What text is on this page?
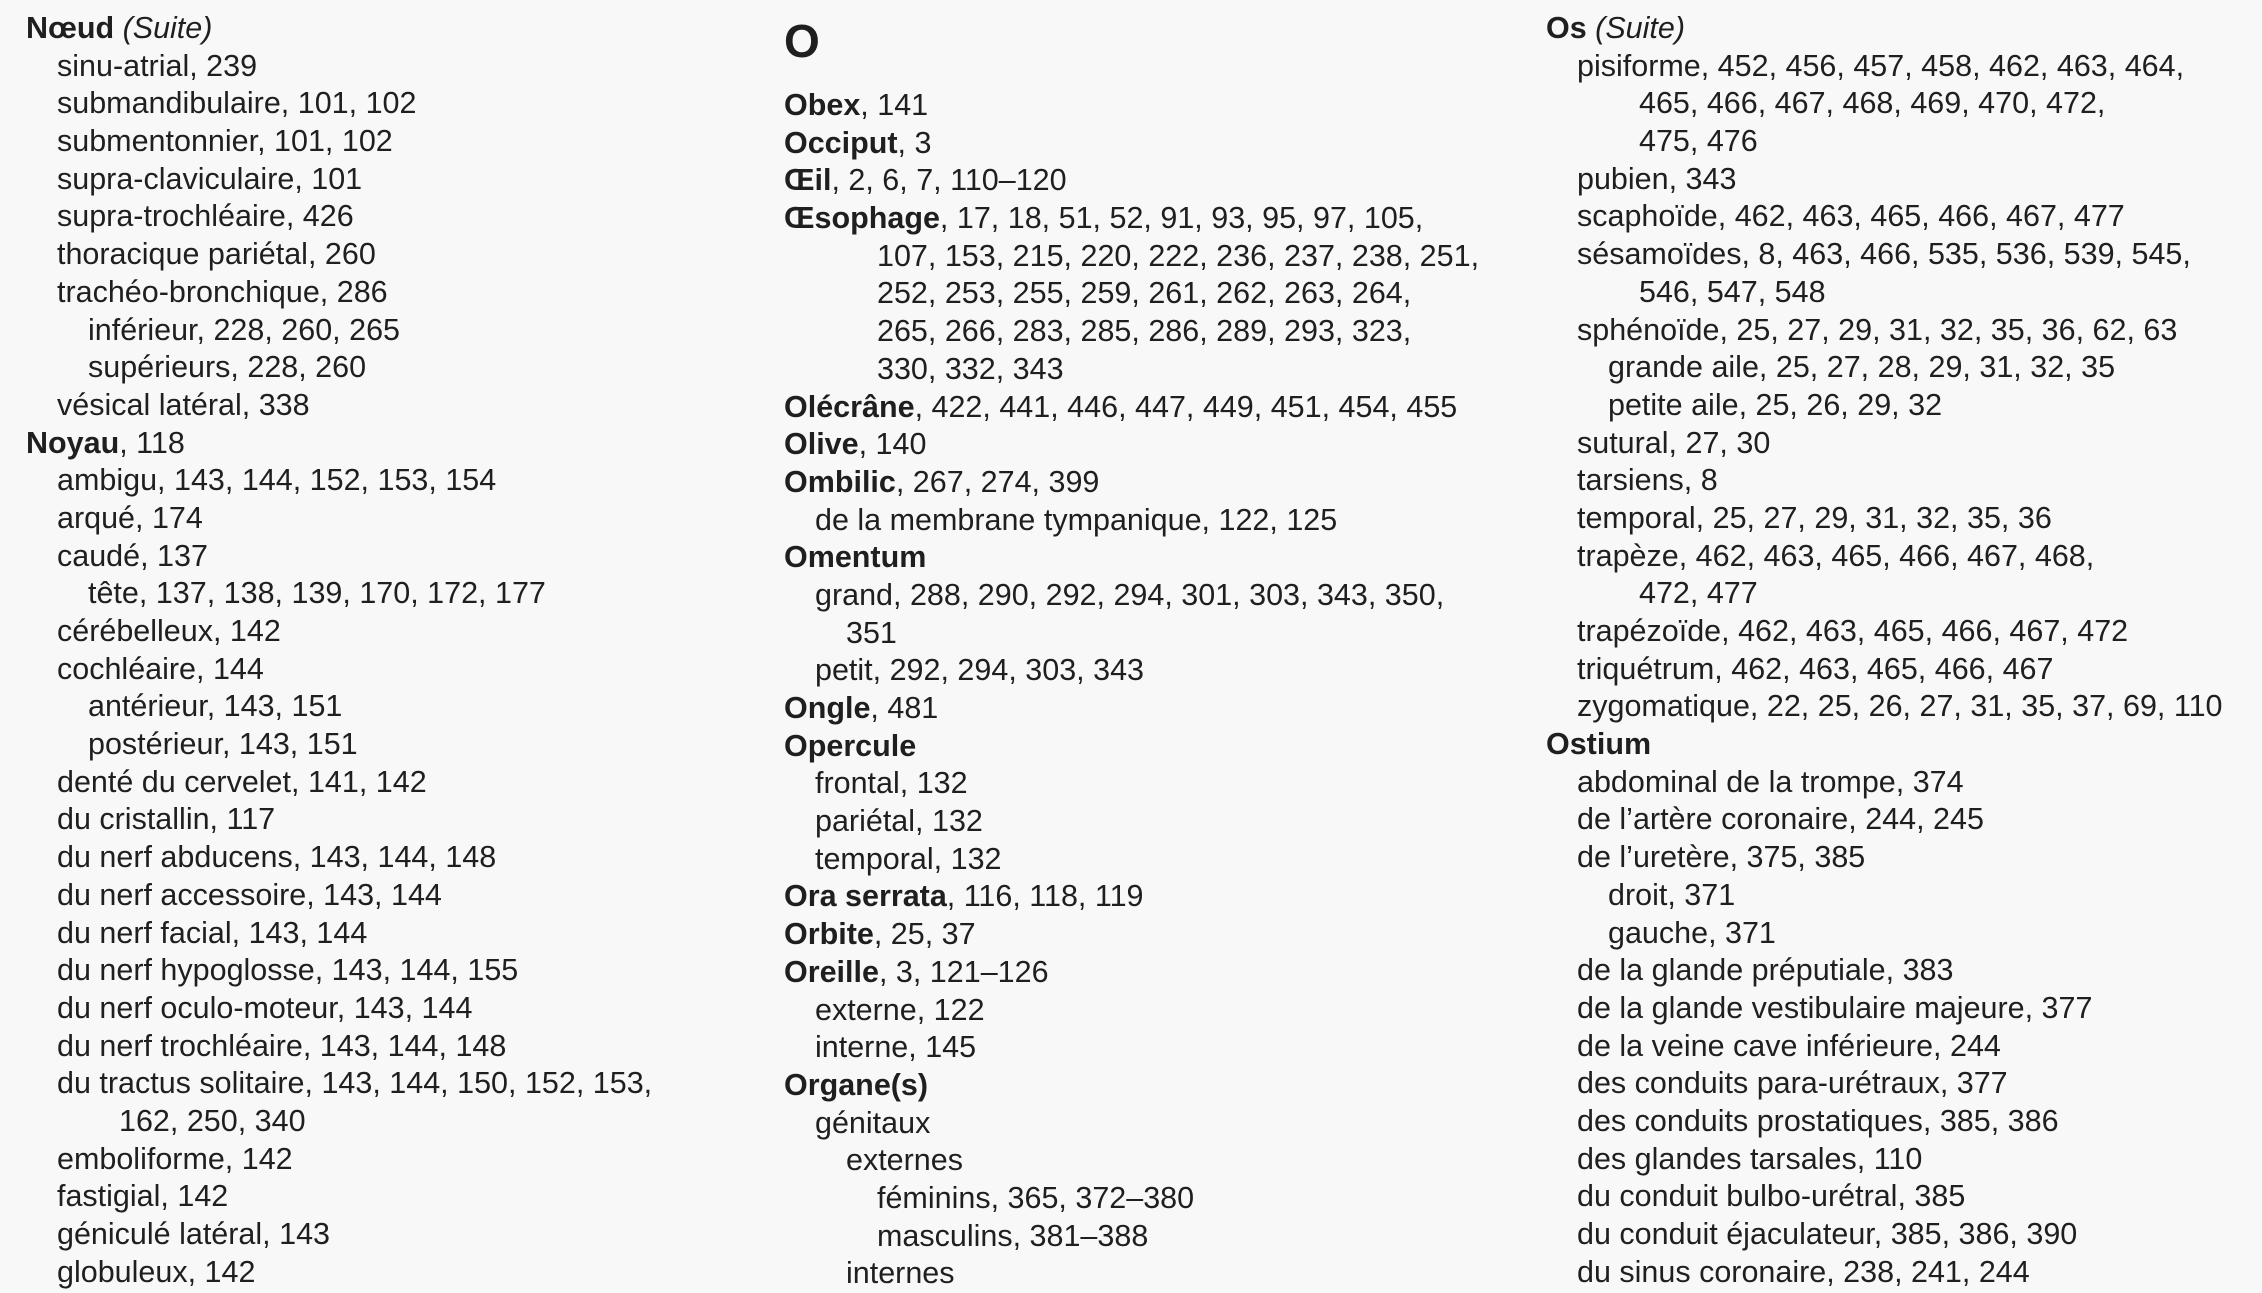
Nœud (Suite)
sinu-atrial, 239
submandibulaire, 101, 102
submentonnier, 101, 102
supra-claviculaire, 101
supra-trochléaire, 426
thoracique pariétal, 260
trachéo-bronchique, 286
inférieur, 228, 260, 265
supérieurs, 228, 260
vésical latéral, 338
Noyau, 118
ambigu, 143, 144, 152, 153, 154
arqué, 174
caudé, 137
tête, 137, 138, 139, 170, 172, 177
cérébelleux, 142
cochléaire, 144
antérieur, 143, 151
postérieur, 143, 151
denté du cervelet, 141, 142
du cristallin, 117
du nerf abducens, 143, 144, 148
du nerf accessoire, 143, 144
du nerf facial, 143, 144
du nerf hypoglosse, 143, 144, 155
du nerf oculo-moteur, 143, 144
du nerf trochléaire, 143, 144, 148
du tractus solitaire, 143, 144, 150, 152, 153,
162, 250, 340
emboliforme, 142
fastigial, 142
géniculé latéral, 143
globuleux, 142
O
Obex, 141
Occiput, 3
Œil, 2, 6, 7, 110–120
Œsophage, 17, 18, 51, 52, 91, 93, 95, 97, 105,
107, 153, 215, 220, 222, 236, 237, 238, 251,
252, 253, 255, 259, 261, 262, 263, 264,
265, 266, 283, 285, 286, 289, 293, 323,
330, 332, 343
Olécrâne, 422, 441, 446, 447, 449, 451, 454, 455
Olive, 140
Ombilic, 267, 274, 399
de la membrane tympanique, 122, 125
Omentum
grand, 288, 290, 292, 294, 301, 303, 343, 350,
351
petit, 292, 294, 303, 343
Ongle, 481
Opercule
frontal, 132
pariétal, 132
temporal, 132
Ora serrata, 116, 118, 119
Orbite, 25, 37
Oreille, 3, 121–126
externe, 122
interne, 145
Organe(s)
génitaux
externes
féminins, 365, 372–380
masculins, 381–388
internes
Os (Suite)
pisiforme, 452, 456, 457, 458, 462, 463, 464,
465, 466, 467, 468, 469, 470, 472,
475, 476
pubien, 343
scaphoïde, 462, 463, 465, 466, 467, 477
sésamoïdes, 8, 463, 466, 535, 536, 539, 545,
546, 547, 548
sphénoïde, 25, 27, 29, 31, 32, 35, 36, 62, 63
grande aile, 25, 27, 28, 29, 31, 32, 35
petite aile, 25, 26, 29, 32
sutural, 27, 30
tarsiens, 8
temporal, 25, 27, 29, 31, 32, 35, 36
trapèze, 462, 463, 465, 466, 467, 468,
472, 477
trapézoïde, 462, 463, 465, 466, 467, 472
triquétrum, 462, 463, 465, 466, 467
zygomatique, 22, 25, 26, 27, 31, 35, 37, 69, 110
Ostium
abdominal de la trompe, 374
de l’artère coronaire, 244, 245
de l’uretère, 375, 385
droit, 371
gauche, 371
de la glande préputiale, 383
de la glande vestibulaire majeure, 377
de la veine cave inférieure, 244
des conduits para-urétraux, 377
des conduits prostatiques, 385, 386
des glandes tarsales, 110
du conduit bulbo-urétral, 385
du conduit éjaculateur, 385, 386, 390
du sinus coronaire, 238, 241, 244
